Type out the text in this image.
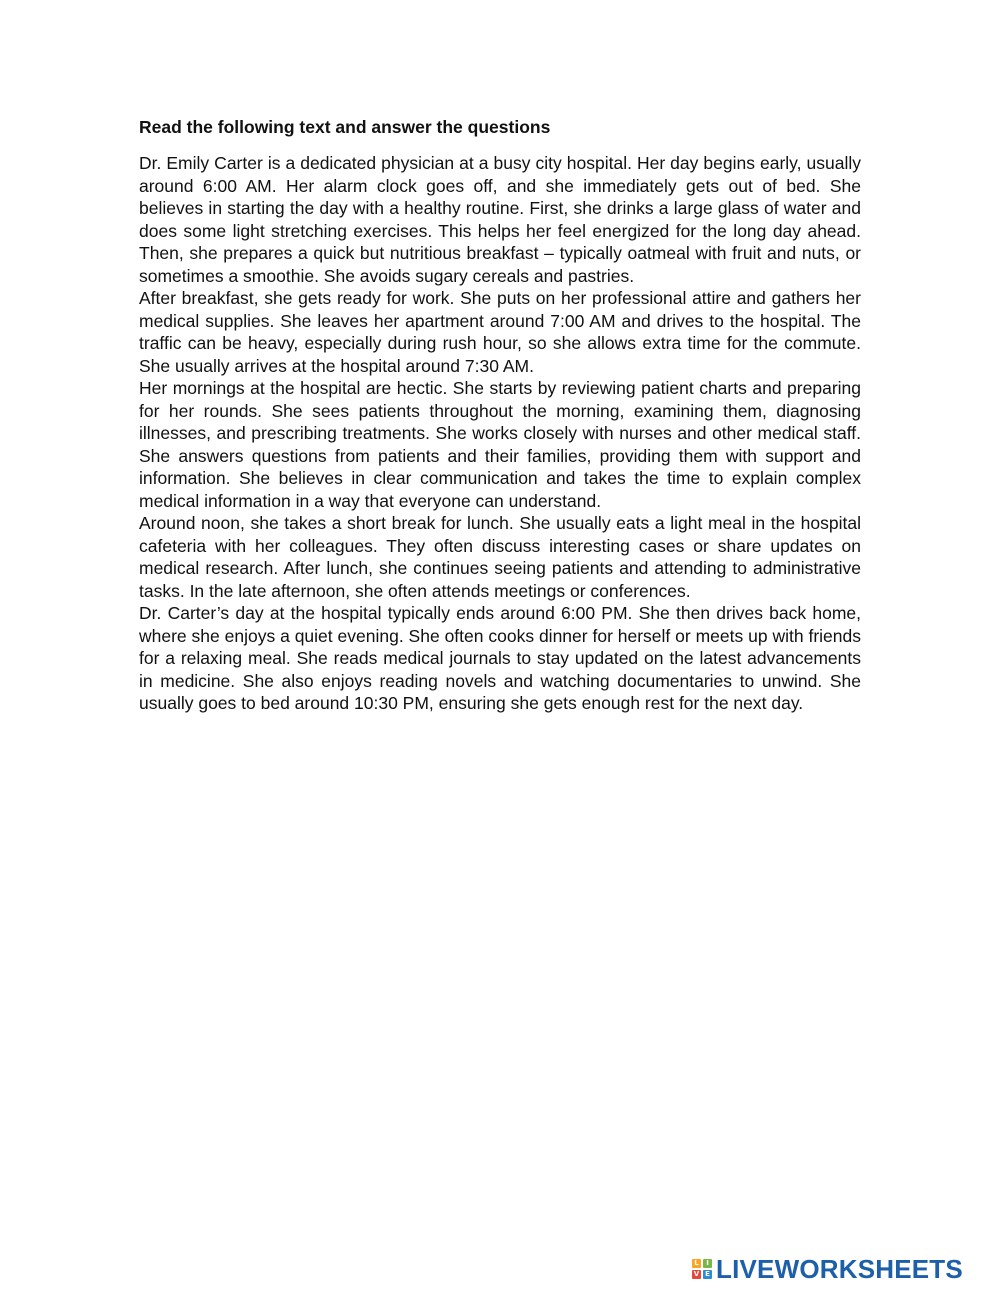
Read the following text and answer the questions

Dr. Emily Carter is a dedicated physician at a busy city hospital. Her day begins early, usually around 6:00 AM. Her alarm clock goes off, and she immediately gets out of bed. She believes in starting the day with a healthy routine. First, she drinks a large glass of water and does some light stretching exercises. This helps her feel energized for the long day ahead. Then, she prepares a quick but nutritious breakfast – typically oatmeal with fruit and nuts, or sometimes a smoothie. She avoids sugary cereals and pastries.

After breakfast, she gets ready for work. She puts on her professional attire and gathers her medical supplies. She leaves her apartment around 7:00 AM and drives to the hospital. The traffic can be heavy, especially during rush hour, so she allows extra time for the commute. She usually arrives at the hospital around 7:30 AM.

Her mornings at the hospital are hectic. She starts by reviewing patient charts and preparing for her rounds. She sees patients throughout the morning, examining them, diagnosing illnesses, and prescribing treatments. She works closely with nurses and other medical staff. She answers questions from patients and their families, providing them with support and information. She believes in clear communication and takes the time to explain complex medical information in a way that everyone can understand.

Around noon, she takes a short break for lunch. She usually eats a light meal in the hospital cafeteria with her colleagues. They often discuss interesting cases or share updates on medical research. After lunch, she continues seeing patients and attending to administrative tasks. In the late afternoon, she often attends meetings or conferences.

Dr. Carter’s day at the hospital typically ends around 6:00 PM. She then drives back home, where she enjoys a quiet evening. She often cooks dinner for herself or meets up with friends for a relaxing meal. She reads medical journals to stay updated on the latest advancements in medicine. She also enjoys reading novels and watching documentaries to unwind. She usually goes to bed around 10:30 PM, ensuring she gets enough rest for the next day.

L	I
V E LIVEWORKSHEETS
